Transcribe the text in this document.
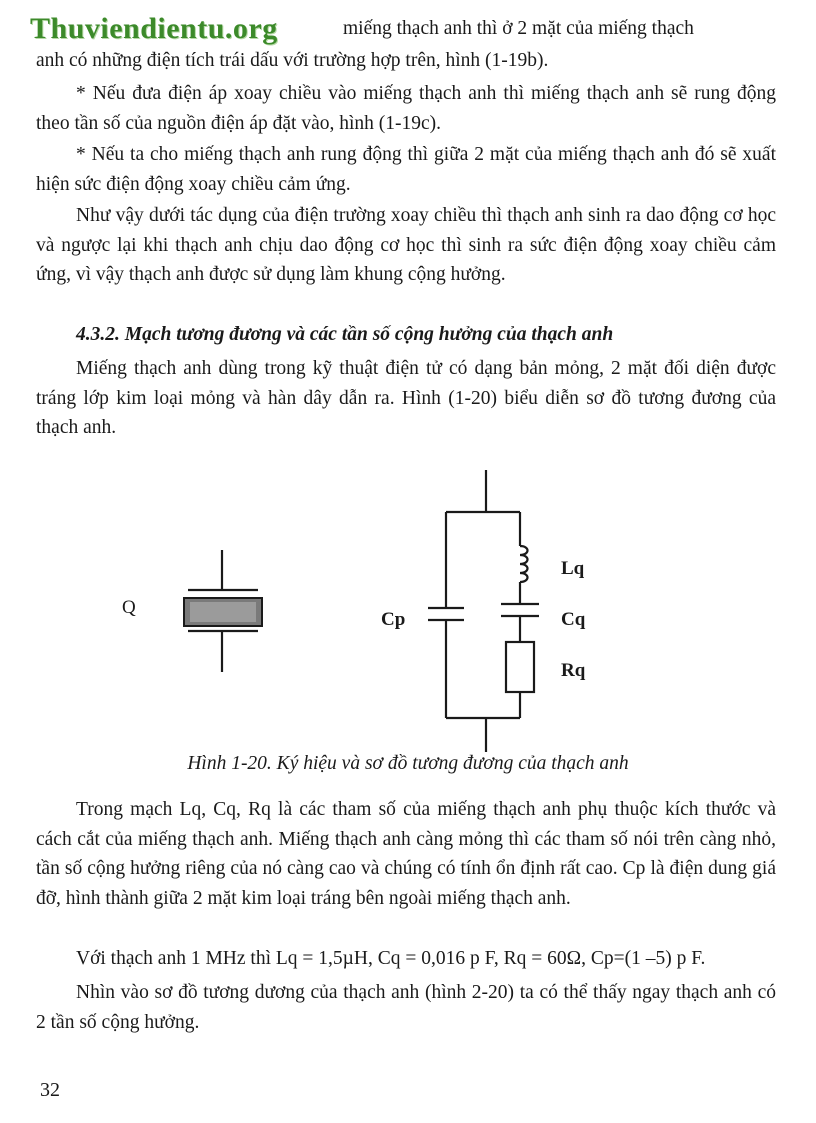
Thuviendientu.org	miếng thạch anh thì ở 2 mặt của miếng thạch

anh có những điện tích trái dấu với trường hợp trên, hình (1-19b).

* Nếu đưa điện áp xoay chiều vào miếng thạch anh thì miếng thạch anh sẽ rung động theo tần số của nguồn điện áp đặt vào, hình (1-19c).

* Nếu ta cho miếng thạch anh rung động thì giữa 2 mặt của miếng thạch anh đó sẽ xuất hiện sức điện động xoay chiều cảm ứng.

Như vậy dưới tác dụng của điện trường xoay chiều thì thạch anh sinh ra dao động cơ học và ngược lại khi thạch anh chịu dao động cơ học thì sinh ra sức điện động xoay chiều cảm ứng, vì vậy thạch anh được sử dụng làm khung cộng hưởng.

4.3.2. Mạch tương đương và các tần số cộng hưởng của thạch anh

Miếng thạch anh dùng trong kỹ thuật điện tử có dạng bản mỏng, 2 mặt đối diện được tráng lớp kim loại mỏng và hàn dây dẫn ra. Hình (1-20) biểu diễn sơ đồ tương đương của thạch anh.

Q
Cp
Lq
Cq
Rq
Hình 1-20. Ký hiệu và sơ đồ tương đương của thạch anh

Trong mạch Lq, Cq, Rq là các tham số của miếng thạch anh phụ thuộc kích thước và cách cắt của miếng thạch anh. Miếng thạch anh càng mỏng thì các tham số nói trên càng nhỏ, tần số cộng hưởng riêng của nó càng cao và chúng có tính ổn định rất cao. Cp là điện dung giá đỡ, hình thành giữa 2 mặt kim loại tráng bên ngoài miếng thạch anh.

Với thạch anh 1 MHz thì Lq = 1,5µH, Cq = 0,016 p F, Rq = 60Ω, Cp=(1 –5) p F.

Nhìn vào sơ đồ tương dương của thạch anh (hình 2-20) ta có thể thấy ngay thạch anh có 2 tần số cộng hưởng.

32
